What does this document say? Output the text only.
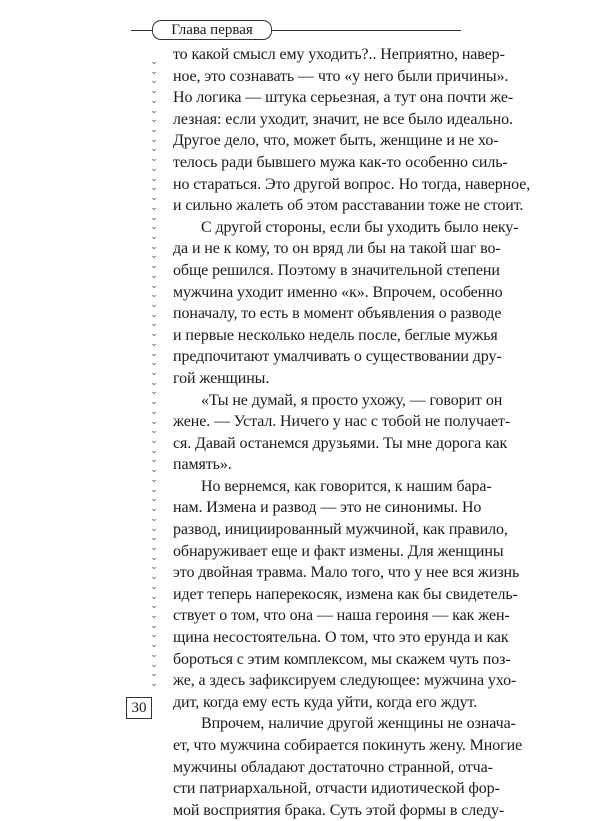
Глава первая
⌄
⌄
⌄
⌄
⌄
⌄
⌄
⌄
⌄
⌄
⌄
⌄
⌄
⌄
⌄
⌄
⌄
⌄
⌄
⌄
⌄
⌄
⌄
⌄
⌄
⌄
⌄
⌄
⌄
⌄
⌄
⌄
⌄
⌄
⌄
⌄
⌄
⌄
⌄
⌄
⌄
⌄
⌄
⌄
⌄
⌄
⌄
⌄
⌄
⌄
⌄
⌄
⌄
⌄
⌄
⌄
⌄
⌄
⌄
⌄
⌄
⌄
⌄
⌄
⌄
то какой смысл ему уходить?.. Неприятно, навер-
ное, это сознавать — что «у него были причины».
Но логика — штука серьезная, а тут она почти же-
лезная: если уходит, значит, не все было идеально.
Другое дело, что, может быть, женщине и не хо-
телось ради бывшего мужа как-то особенно силь-
но стараться. Это другой вопрос. Но тогда, наверное,
и сильно жалеть об этом расставании тоже не стоит.
С другой стороны, если бы уходить было неку-
да и не к кому, то он вряд ли бы на такой шаг во-
обще решился. Поэтому в значительной степени
мужчина уходит именно «к». Впрочем, особенно
поначалу, то есть в момент объявления о разводе
и первые несколько недель после, беглые мужья
предпочитают умалчивать о существовании дру-
гой женщины.
«Ты не думай, я просто ухожу, — говорит он
жене. — Устал. Ничего у нас с тобой не получает-
ся. Давай останемся друзьями. Ты мне дорога как
память».
Но вернемся, как говорится, к нашим бара-
нам. Измена и развод — это не синонимы. Но
развод, инициированный мужчиной, как правило,
обнаруживает еще и факт измены. Для женщины
это двойная травма. Мало того, что у нее вся жизнь
идет теперь наперекосяк, измена как бы свидетель-
ствует о том, что она — наша героиня — как жен-
щина несостоятельна. О том, что это ерунда и как
бороться с этим комплексом, мы скажем чуть поз-
же, а здесь зафиксируем следующее: мужчина ухо-
дит, когда ему есть куда уйти, когда его ждут.
Впрочем, наличие другой женщины не означа-
ет, что мужчина собирается покинуть жену. Многие
мужчины обладают достаточно странной, отча-
сти патриархальной, отчасти идиотической фор-
мой восприятия брака. Суть этой формы в следу-
30
